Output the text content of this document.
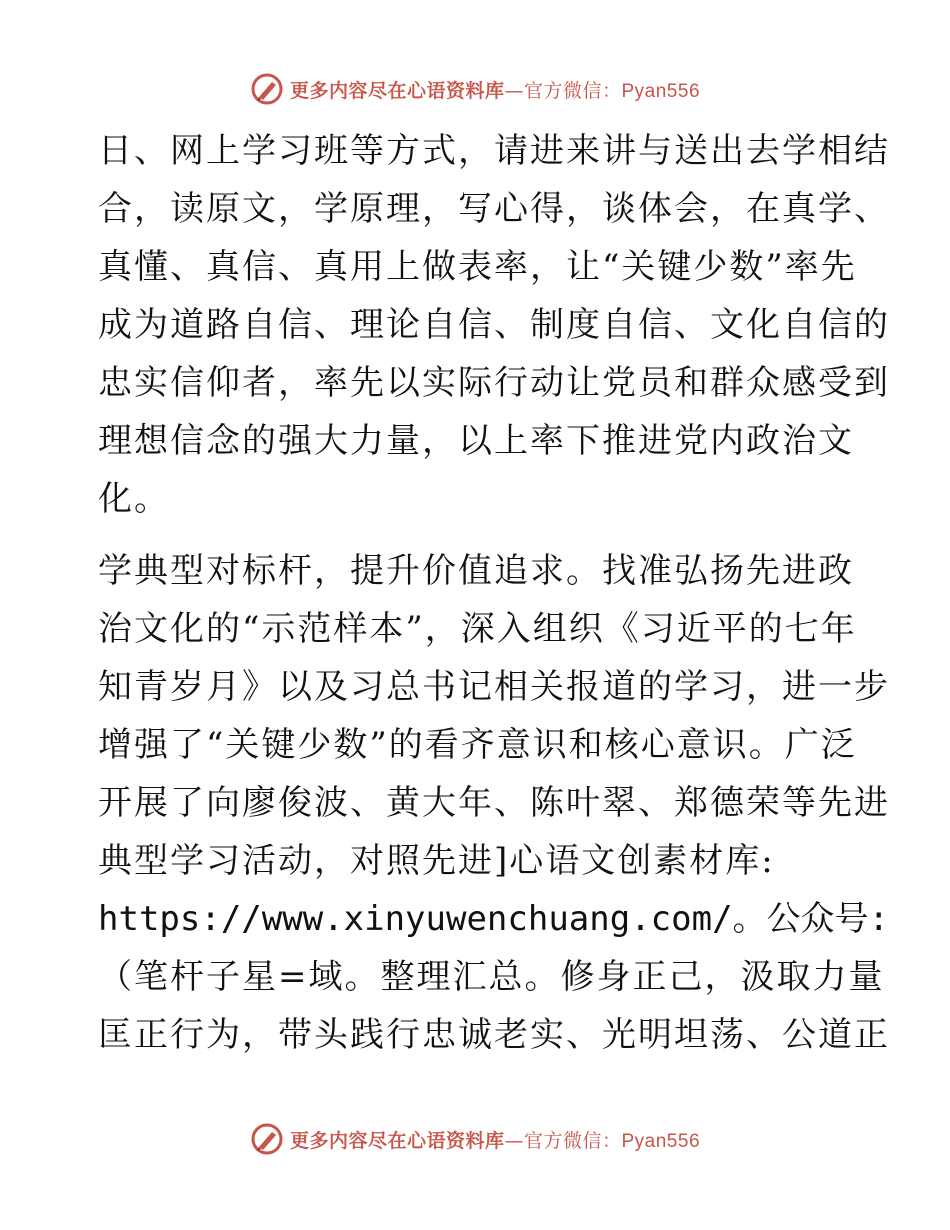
更多内容尽在心语资料库—官方微信：Pyan556
日、网上学习班等方式，请进来讲与送出去学相结
合，读原文，学原理，写心得，谈体会，在真学、
真懂、真信、真用上做表率，让“关键少数”率先
成为道路自信、理论自信、制度自信、文化自信的
忠实信仰者，率先以实际行动让党员和群众感受到
理想信念的强大力量，以上率下推进党内政治文
化。
学典型对标杆，提升价值追求。找准弘扬先进政
治文化的“示范样本”，深入组织《习近平的七年
知青岁月》以及习总书记相关报道的学习，进一步
增强了“关键少数”的看齐意识和核心意识。广泛
开展了向廖俊波、黄大年、陈叶翠、郑德荣等先进
典型学习活动，对照先进]心语文创素材库:
https://www.xinyuwenchuang.com/。公众号:
（笔杆子星=域。整理汇总。修身正己，汲取力量
匡正行为，带头践行忠诚老实、光明坦荡、公道正
更多内容尽在心语资料库—官方微信：Pyan556
